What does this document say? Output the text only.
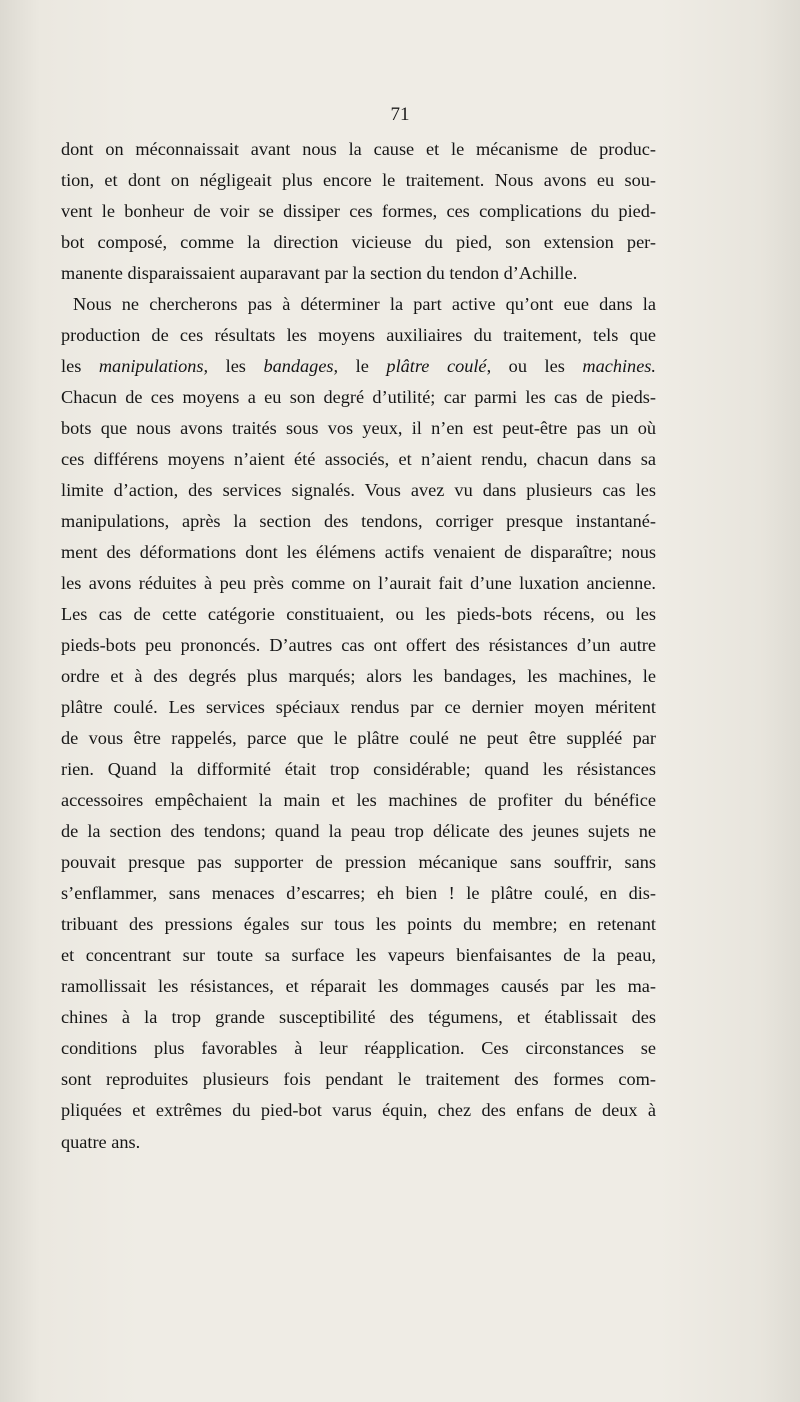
71
dont on méconnaissait avant nous la cause et le mécanisme de produc-
tion, et dont on négligeait plus encore le traitement. Nous avons eu sou-
vent le bonheur de voir se dissiper ces formes, ces complications du pied-
bot composé, comme la direction vicieuse du pied, son extension per-
manente disparaissaient auparavant par la section du tendon d’Achille.
Nous ne chercherons pas à déterminer la part active qu’ont eue dans la
production de ces résultats les moyens auxiliaires du traitement, tels que
les manipulations, les bandages, le plâtre coulé, ou les machines.
Chacun de ces moyens a eu son degré d’utilité; car parmi les cas de pieds-
bots que nous avons traités sous vos yeux, il n’en est peut-être pas un où
ces différens moyens n’aient été associés, et n’aient rendu, chacun dans sa
limite d’action, des services signalés. Vous avez vu dans plusieurs cas les
manipulations, après la section des tendons, corriger presque instantané-
ment des déformations dont les élémens actifs venaient de disparaître; nous
les avons réduites à peu près comme on l’aurait fait d’une luxation ancienne.
Les cas de cette catégorie constituaient, ou les pieds-bots récens, ou les
pieds-bots peu prononcés. D’autres cas ont offert des résistances d’un autre
ordre et à des degrés plus marqués; alors les bandages, les machines, le
plâtre coulé. Les services spéciaux rendus par ce dernier moyen méritent
de vous être rappelés, parce que le plâtre coulé ne peut être suppléé par
rien. Quand la difformité était trop considérable; quand les résistances
accessoires empêchaient la main et les machines de profiter du bénéfice
de la section des tendons; quand la peau trop délicate des jeunes sujets ne
pouvait presque pas supporter de pression mécanique sans souffrir, sans
s’enflammer, sans menaces d’escarres; eh bien ! le plâtre coulé, en dis-
tribuant des pressions égales sur tous les points du membre; en retenant
et concentrant sur toute sa surface les vapeurs bienfaisantes de la peau,
ramollissait les résistances, et réparait les dommages causés par les ma-
chines à la trop grande susceptibilité des tégumens, et établissait des
conditions plus favorables à leur réapplication. Ces circonstances se
sont reproduites plusieurs fois pendant le traitement des formes com-
pliquées et extrêmes du pied-bot varus équin, chez des enfans de deux à
quatre ans.
